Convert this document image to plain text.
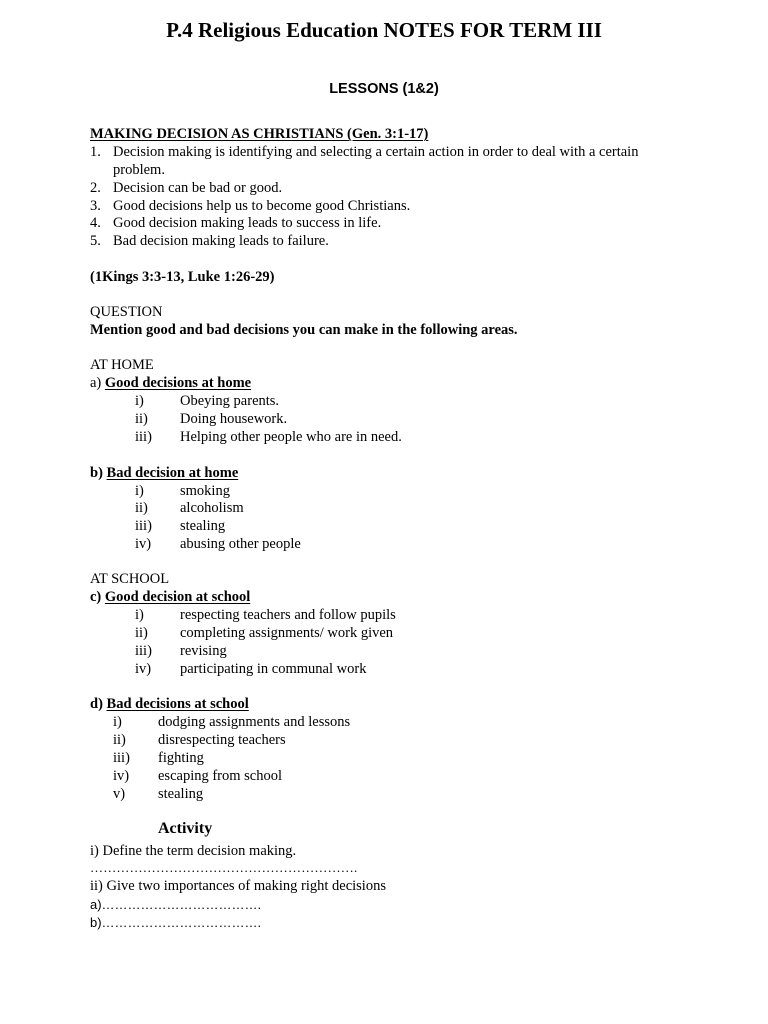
P.4 Religious Education NOTES FOR TERM III
LESSONS (1&2)
MAKING DECISION AS CHRISTIANS (Gen. 3:1-17)
1. Decision making is identifying and selecting a certain action in order to deal with a certain
problem.
2. Decision can be bad or good.
3. Good decisions help us to become good Christians.
4. Good decision making leads to success in life.
5. Bad decision making leads to failure.
(1Kings 3:3-13, Luke 1:26-29)
QUESTION
Mention good and bad decisions you can make in the following areas.
AT HOME
a) Good decisions at home
i) Obeying parents.
ii) Doing housework.
iii) Helping other people who are in need.
b) Bad decision at home
i) smoking
ii) alcoholism
iii) stealing
iv) abusing other people
AT SCHOOL
c) Good decision at school
i) respecting teachers and follow pupils
ii) completing assignments/ work given
iii) revising
iv) participating in communal work
d) Bad decisions at school
i) dodging assignments and lessons
ii) disrespecting teachers
iii) fighting
iv) escaping from school
v) stealing
Activity
i) Define the term decision making.
…………………………………………………….
ii) Give two importances of making right decisions
a)……………………………….
b)……………………………….
